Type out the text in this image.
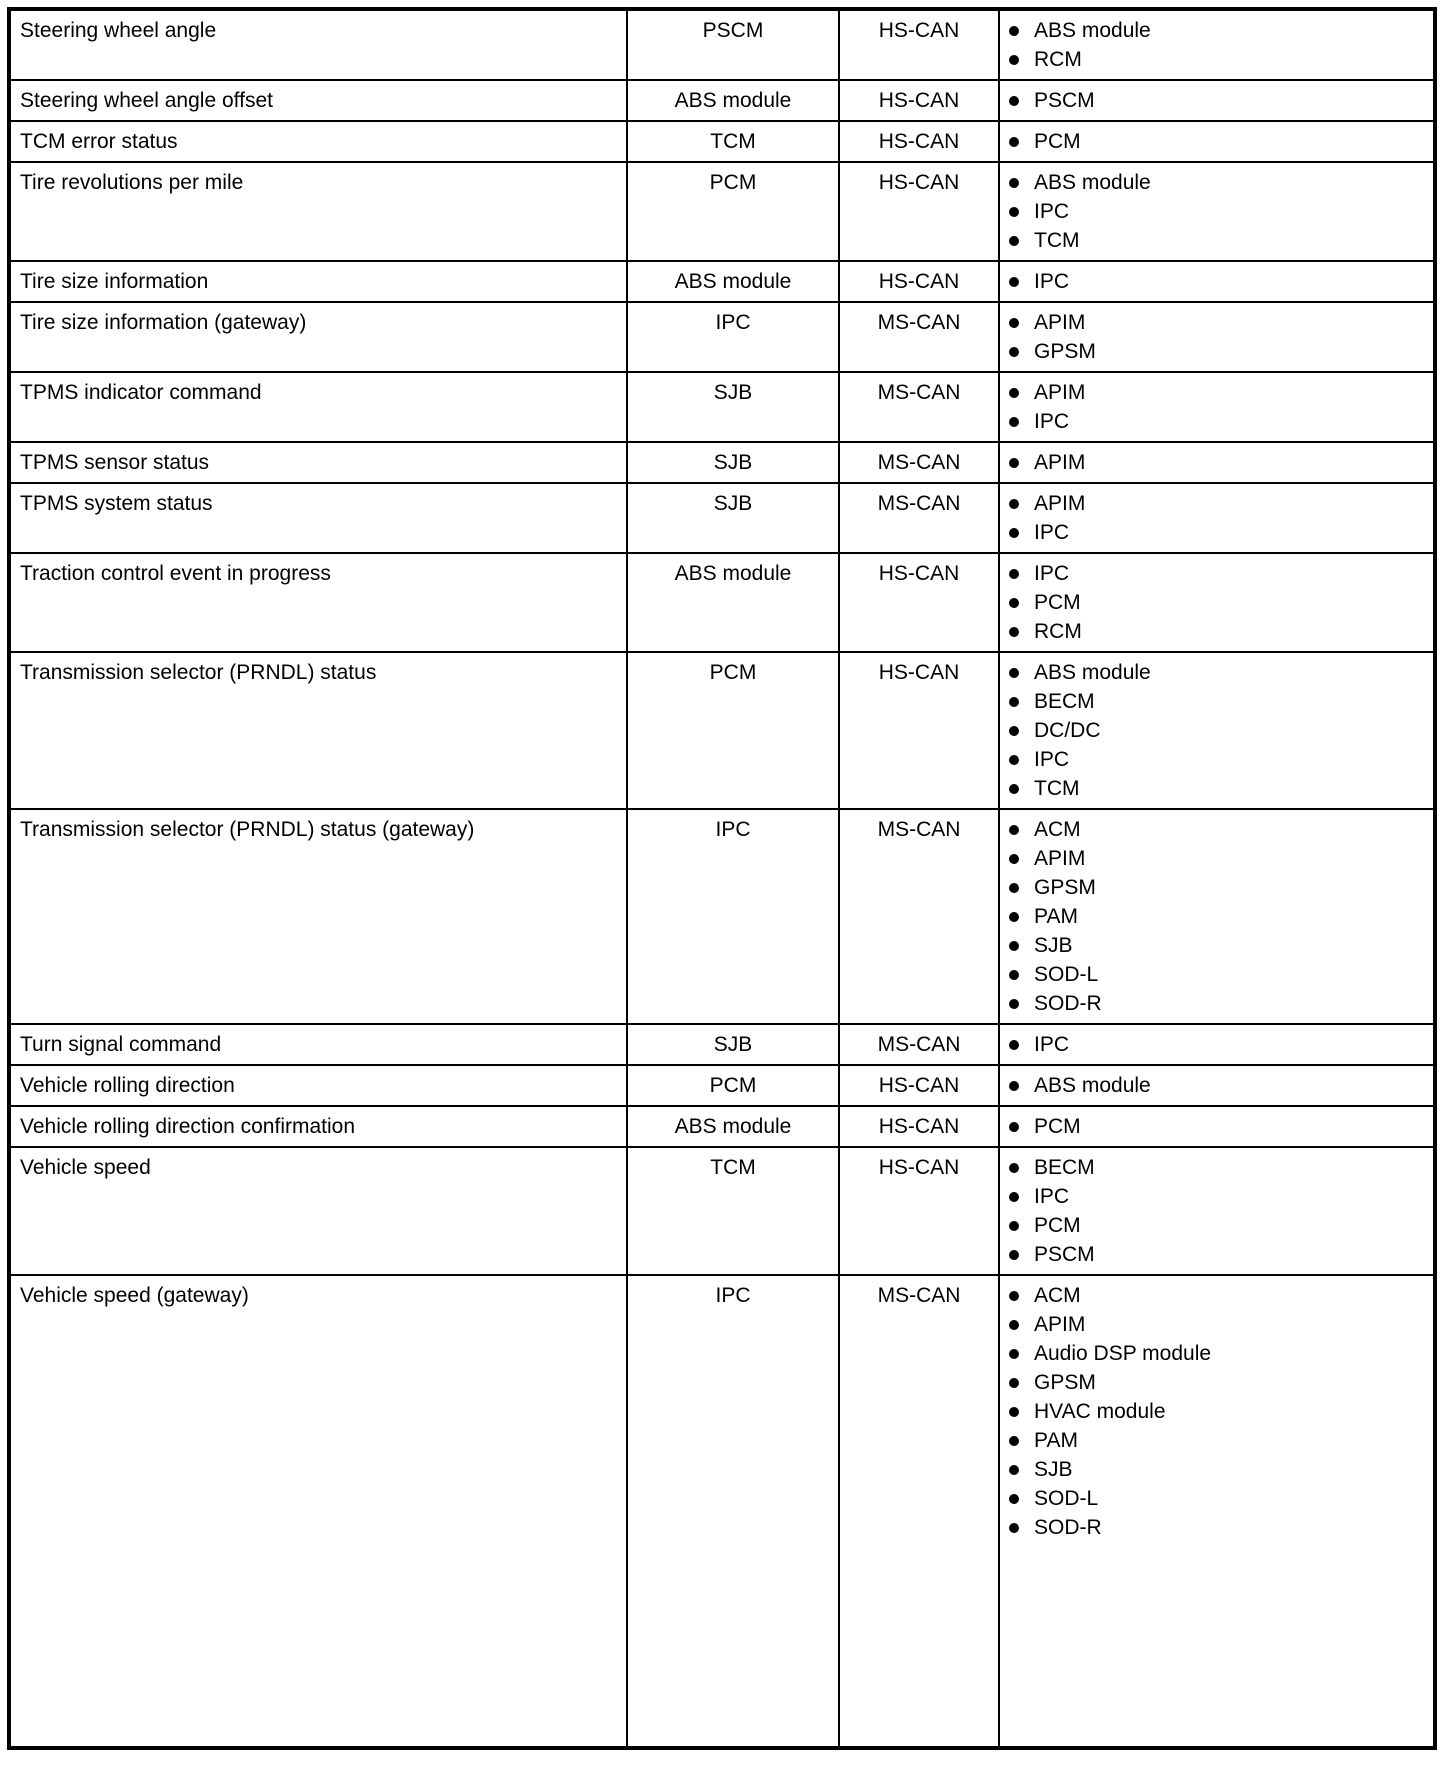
Steering wheel angle	PSCM	HS-CAN	ABS module
RCM

Steering wheel angle offset	ABS module	HS-CAN	PSCM

TCM error status	TCM	HS-CAN	PCM

Tire revolutions per mile	PCM	HS-CAN	ABS module
IPC
TCM

Tire size information	ABS module	HS-CAN	IPC

Tire size information (gateway)	IPC	MS-CAN	APIM
GPSM

TPMS indicator command	SJB	MS-CAN	APIM
IPC

TPMS sensor status	SJB	MS-CAN	APIM

TPMS system status	SJB	MS-CAN	APIM
IPC

Traction control event in progress	ABS module	HS-CAN	IPC
PCM
RCM

Transmission selector (PRNDL) status	PCM	HS-CAN	ABS module
BECM
DC/DC
IPC
TCM

Transmission selector (PRNDL) status (gateway)	IPC	MS-CAN	ACM
APIM
GPSM
PAM
SJB
SOD-L
SOD-R

Turn signal command	SJB	MS-CAN	IPC

Vehicle rolling direction	PCM	HS-CAN	ABS module

Vehicle rolling direction confirmation	ABS module	HS-CAN	PCM

Vehicle speed	TCM	HS-CAN	BECM
IPC
PCM
PSCM

Vehicle speed (gateway)	IPC	MS-CAN	ACM
APIM
Audio DSP module
GPSM
HVAC module
PAM
SJB
SOD-L
SOD-R
